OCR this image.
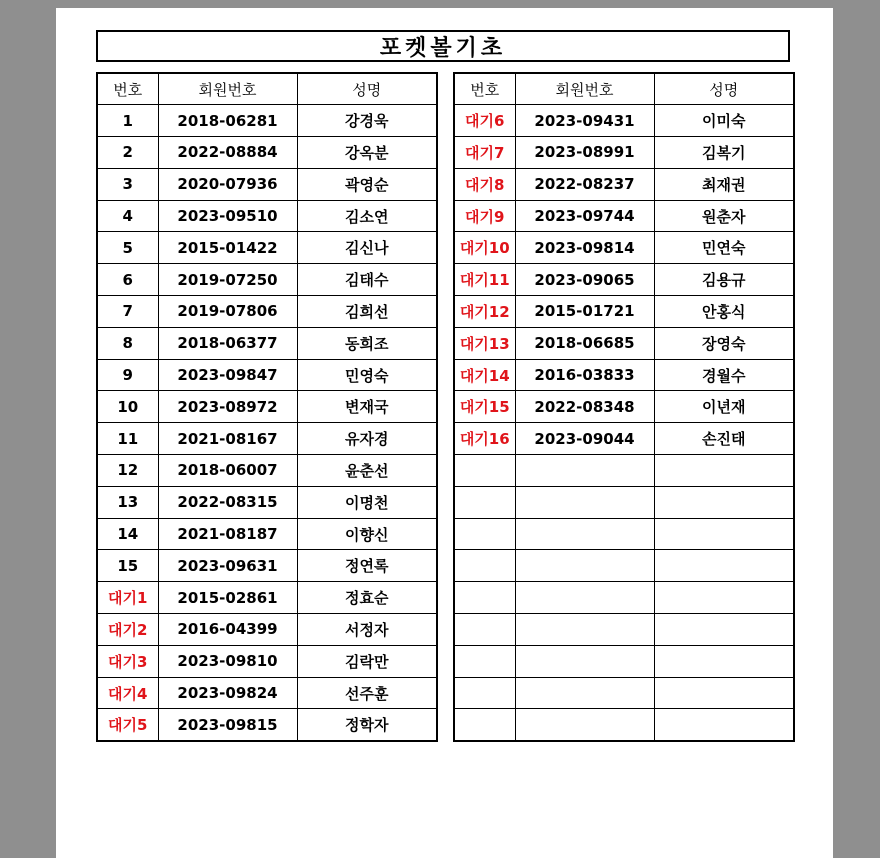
포켓볼기초
번호	회원번호	성명
1	2018-06281	강경욱
2	2022-08884	강옥분
3	2020-07936	곽영순
4	2023-09510	김소연
5	2015-01422	김신나
6	2019-07250	김태수
7	2019-07806	김희선
8	2018-06377	동희조
9	2023-09847	민영숙
10	2023-08972	변재국
11	2021-08167	유자경
12	2018-06007	윤춘선
13	2022-08315	이명천
14	2021-08187	이향신
15	2023-09631	정연록
대기1	2015-02861	정효순
대기2	2016-04399	서정자
대기3	2023-09810	김락만
대기4	2023-09824	선주훈
대기5	2023-09815	정학자
번호	회원번호	성명
대기6	2023-09431	이미숙
대기7	2023-08991	김복기
대기8	2022-08237	최재권
대기9	2023-09744	원춘자
대기10	2023-09814	민연숙
대기11	2023-09065	김용규
대기12	2015-01721	안홍식
대기13	2018-06685	장영숙
대기14	2016-03833	경월수
대기15	2022-08348	이년재
대기16	2023-09044	손진태
